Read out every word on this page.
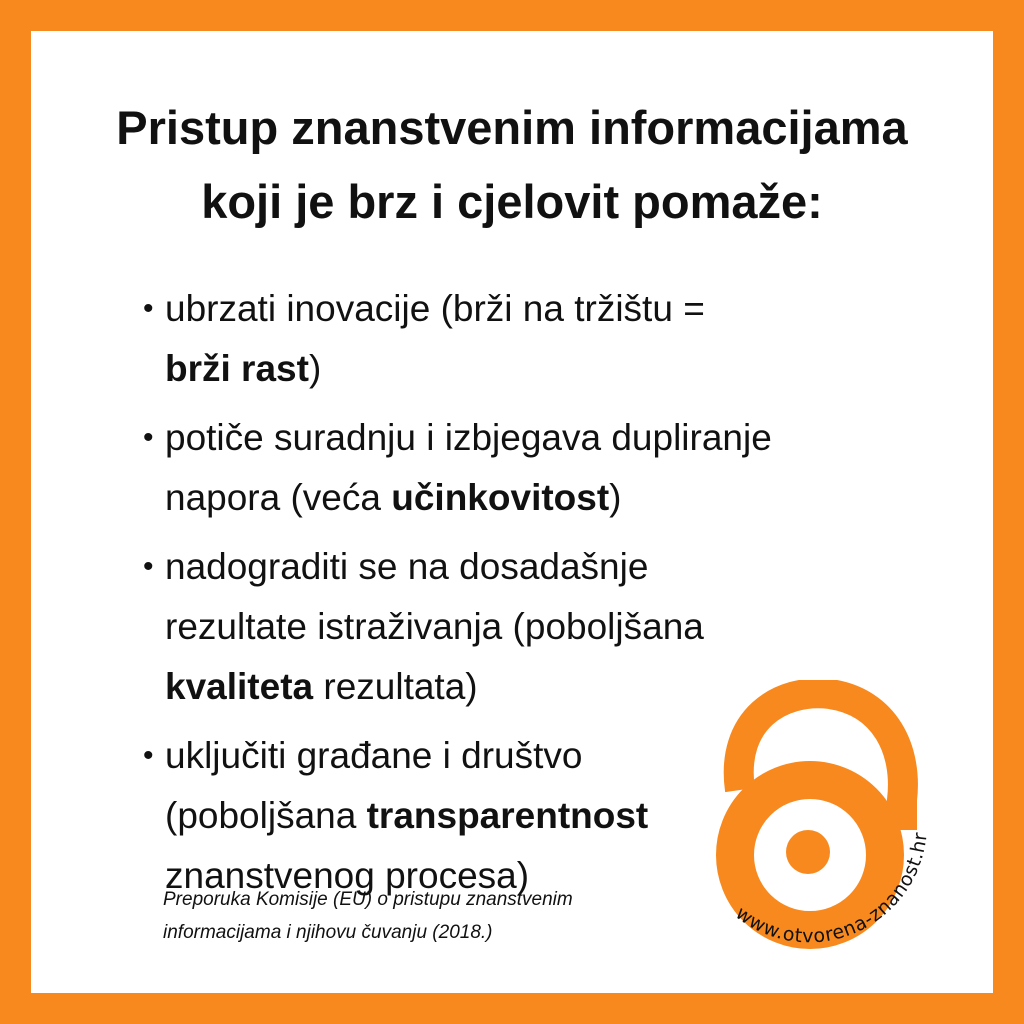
Pristup znanstvenim informacijama
koji je brz i cjelovit pomaže:
• ubrzati inovacije (brži na tržištu =
brži rast)
• potiče suradnju i izbjegava dupliranje
napora (veća učinkovitost)
• nadograditi se na dosadašnje
rezultate istraživanja (poboljšana
kvaliteta rezultata)
• uključiti građane i društvo
(poboljšana transparentnost
znanstvenog procesa)

Preporuka Komisije (EU) o pristupu znanstvenim
informacijama i njihovu čuvanju (2018.)

www.otvorena-znanost.hr
